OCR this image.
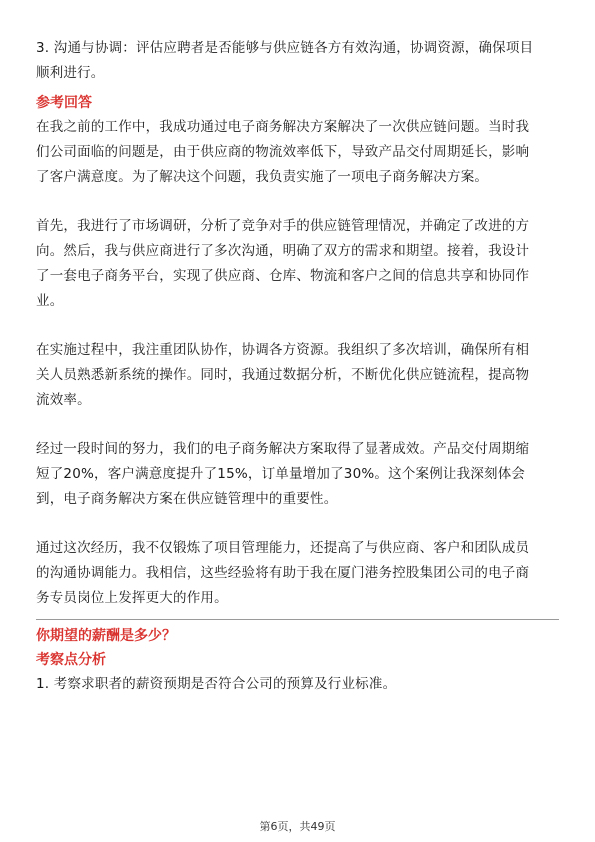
3. 沟通与协调：评估应聘者是否能够与供应链各方有效沟通，协调资源，确保项目

顺利进行。

参考回答

在我之前的工作中，我成功通过电子商务解决方案解决了一次供应链问题。当时我

们公司面临的问题是，由于供应商的物流效率低下，导致产品交付周期延长，影响

了客户满意度。为了解决这个问题，我负责实施了一项电子商务解决方案。

首先，我进行了市场调研，分析了竞争对手的供应链管理情况，并确定了改进的方

向。然后，我与供应商进行了多次沟通，明确了双方的需求和期望。接着，我设计

了一套电子商务平台，实现了供应商、仓库、物流和客户之间的信息共享和协同作

业。

在实施过程中，我注重团队协作，协调各方资源。我组织了多次培训，确保所有相

关人员熟悉新系统的操作。同时，我通过数据分析，不断优化供应链流程，提高物

流效率。

经过一段时间的努力，我们的电子商务解决方案取得了显著成效。产品交付周期缩

短了20%，客户满意度提升了15%，订单量增加了30%。这个案例让我深刻体会

到，电子商务解决方案在供应链管理中的重要性。

通过这次经历，我不仅锻炼了项目管理能力，还提高了与供应商、客户和团队成员

的沟通协调能力。我相信，这些经验将有助于我在厦门港务控股集团公司的电子商

务专员岗位上发挥更大的作用。

你期望的薪酬是多少？

考察点分析

1. 考察求职者的薪资预期是否符合公司的预算及行业标准。

第6页，共49页
